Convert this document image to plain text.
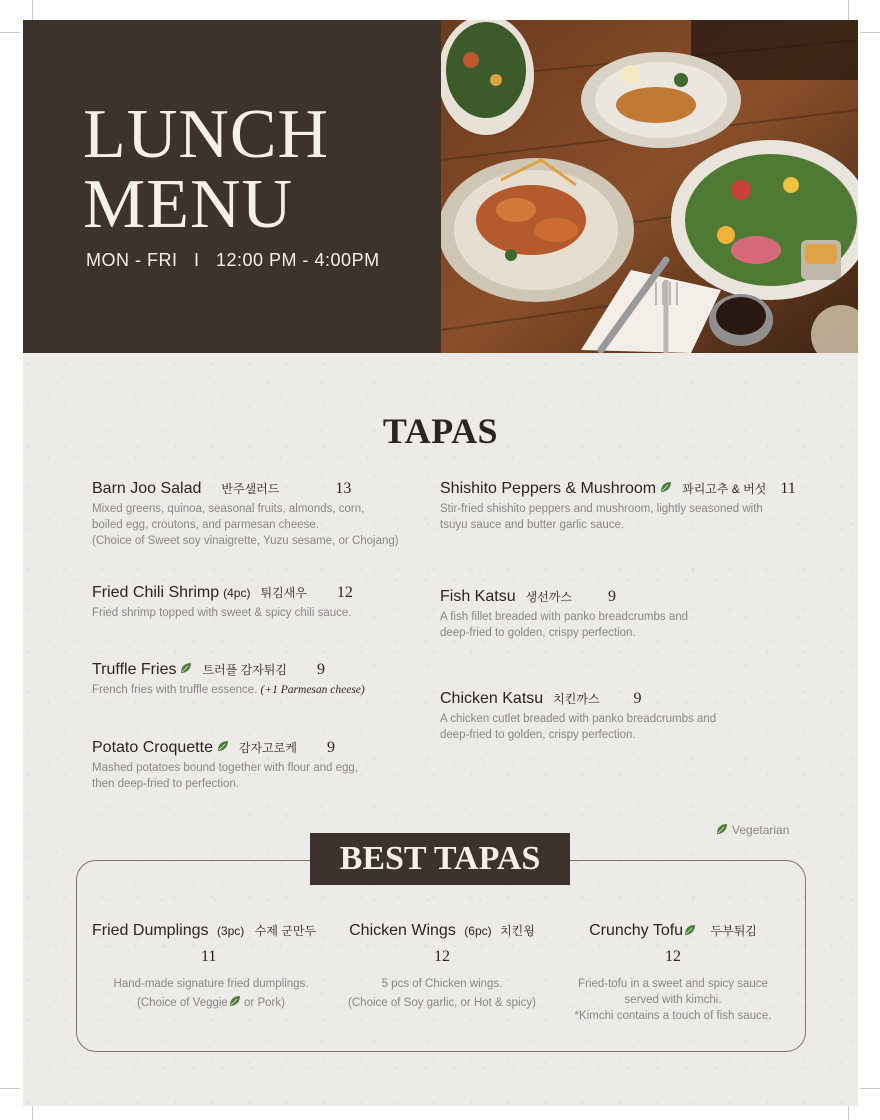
LUNCH
MENU
MON - FRI   I   12:00 PM - 4:00PM
TAPAS
Barn Joo Salad 반주샐러드	13
Mixed greens, quinoa, seasonal fruits, almonds, corn,
boiled egg, croutons, and parmesan cheese.
(Choice of Sweet soy vinaigrette, Yuzu sesame, or Chojang)
Fried Chili Shrimp (4pc) 튀김새우 12
Fried shrimp topped with sweet & spicy chili sauce.
Truffle Fries 트러플 감자튀김 9
French fries with truffle essence. (+1 Parmesan cheese)
Potato Croquette 감자고로케 9
Mashed potatoes bound together with flour and egg,
then deep-fried to perfection.
Shishito Peppers & Mushroom 꽈리고추 & 버섯 11
Stir-fried shishito peppers and mushroom, lightly seasoned with
tsuyu sauce and butter garlic sauce.
Fish Katsu 생선까스 9
A fish fillet breaded with panko breadcrumbs and
deep-fried to golden, crispy perfection.
Chicken Katsu 치킨까스 9
A chicken cutlet breaded with panko breadcrumbs and
deep-fried to golden, crispy perfection.
Vegetarian
BEST TAPAS
Fried Dumplings (3pc) 수제 군만두
11
Hand-made signature fried dumplings.
(Choice of Veggie or Pork)
Chicken Wings (6pc) 치킨윙
12
5 pcs of Chicken wings.
(Choice of Soy garlic, or Hot & spicy)
Crunchy Tofu 두부튀김
12
Fried-tofu in a sweet and spicy sauce
served with kimchi.
*Kimchi contains a touch of fish sauce.
